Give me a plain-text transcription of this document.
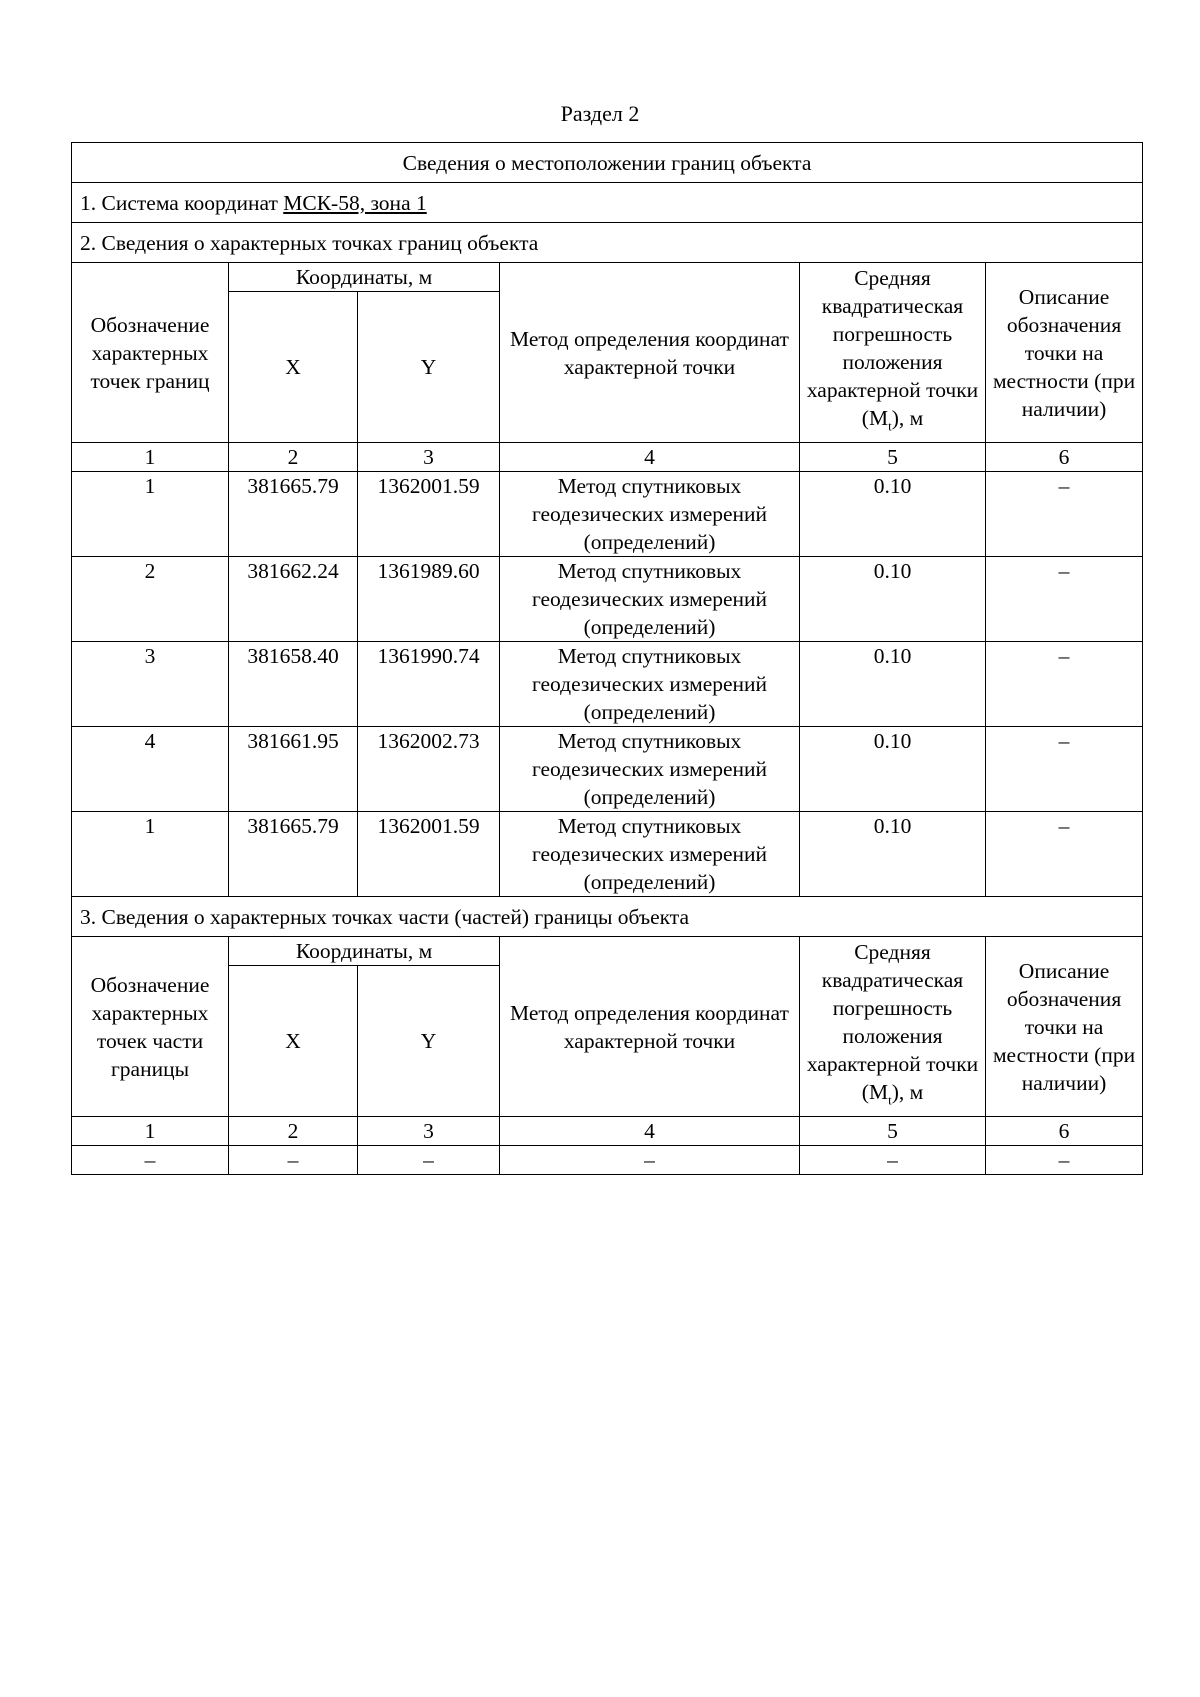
Раздел 2
Сведения о местоположении границ объекта					
1. Система координат МСК-58, зона 1					
2. Сведения о характерных точках границ объекта					
Обозначение характерных точек границ	Координаты, м		Метод определения координат характерной точки	Средняя квадратическая погрешность положения характерной точки $(M_t)$, м	Описание обозначения точки на местности (при наличии)
	X	Y			
1	2	3	4	5	6
1	381665.79	1362001.59	Метод спутниковых геодезических измерений (определений)	0.10	–
2	381662.24	1361989.60	Метод спутниковых геодезических измерений (определений)	0.10	–
3	381658.40	1361990.74	Метод спутниковых геодезических измерений (определений)	0.10	–
4	381661.95	1362002.73	Метод спутниковых геодезических измерений (определений)	0.10	–
1	381665.79	1362001.59	Метод спутниковых геодезических измерений (определений)	0.10	–
3. Сведения о характерных точках части (частей) границы объекта					
Обозначение характерных точек части границы	Координаты, м		Метод определения координат характерной точки	Средняя квадратическая погрешность положения характерной точки $(M_t)$, м	Описание обозначения точки на местности (при наличии)
	X	Y			
1	2	3	4	5	6
–	–	–	–	–	–
